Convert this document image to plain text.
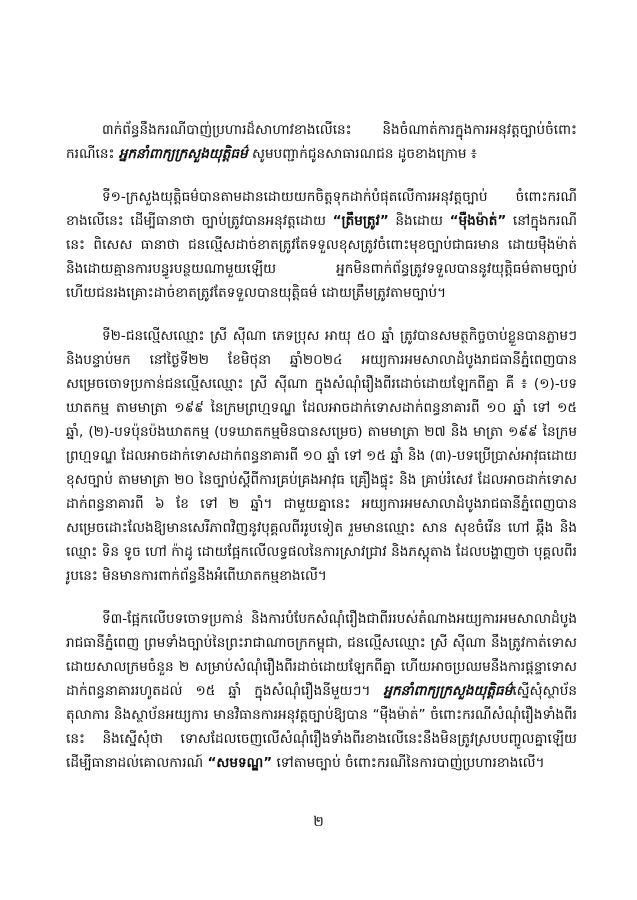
៣ក់ព័ន្ធនឹងករណីបាញ់ប្រហារដ៏សាហាវខាងលើនេះ និងចំណាត់ការក្នុងការអនុវត្តច្បាប់ចំពោះករណីនេះ អ្នកនាំពាក្យក្រសួងយុត្តិធម៌ សូមបញ្ជាក់ជូនសាធារណជន ដូចខាងក្រោម ៖

ទី១-ក្រសួងយុត្តិធម៌បានតាមដានដោយយកចិត្តទុកដាក់បំផុតលើការអនុវត្តច្បាប់ ចំពោះករណីខាងលើនេះ ដើម្បីធានាថា ច្បាប់ត្រូវបានអនុវត្តដោយ “ត្រឹមត្រូវ” និងដោយ “ម៉ឺងម៉ាត់” នៅក្នុងករណីនេះ ពិសេស ធានាថា ជនល្មើសដាច់ខាតត្រូវតែទទួលខុសត្រូវចំពោះមុខច្បាប់ជាធរមាន ដោយម៉ឺងម៉ាត់ និងដោយគ្មានការបន្ធូរបន្ថយណាមួយឡើយ អ្នកមិនពាក់ព័ន្ធត្រូវទទួលបាននូវយុត្តិធម៌តាមច្បាប់ ហើយជនរងគ្រោះដាច់ខាតត្រូវតែទទួលបានយុត្តិធម៌ ដោយត្រឹមត្រូវតាមច្បាប់។

ទី២-ជនល្មើសឈ្មោះ ស្រី ស៊ីណា ភេទប្រុស អាយុ ៥០ ឆ្នាំ ត្រូវបានសមត្ថកិច្ចចាប់ខ្លួនបានភ្លាមៗ និងបន្ទាប់មក នៅថ្ងៃទី២២ ខែមិថុនា ឆ្នាំ២០២៤ អយ្យការអមសាលាដំបូងរាជធានីភ្នំពេញបានសម្រេចចោទប្រកាន់ជនល្មើសឈ្មោះ ស្រី ស៊ីណា ក្នុងសំណុំរឿងពីរដោច់ដោយឡែកពីគ្នា គឺ ៖ (១)-បទឃាតកម្ម តាមមាត្រា ១៩៩ នៃក្រមព្រហ្មទណ្ឌ ដែលអាចដាក់ទោសដាក់ពន្ធនាគារពី ១០ ឆ្នាំ ទៅ ១៥ ឆ្នាំ, (២)-បទប៉ុនប៉ងឃាតកម្ម (បទឃាតកម្មមិនបានសម្រេច) តាមមាត្រា ២៧ និង មាត្រា ១៩៩ នៃក្រមព្រហ្មទណ្ឌ ដែលអាចដាក់ទោសដាក់ពន្ធនាគារពី ១០ ឆ្នាំ ទៅ ១៥ ឆ្នាំ និង (៣)-បទប្រើប្រាស់អាវុធដោយខុសច្បាប់ តាមមាត្រា ២០ នៃច្បាប់ស្តីពីការគ្រប់គ្រងអាវុធ គ្រឿងផ្ទុះ និង គ្រាប់រំសេវ ដែលអាចដាក់ទោសដាក់ពន្ធនាគារពី ៦ ខែ ទៅ ២ ឆ្នាំ។ ជាមួយគ្នានេះ អយ្យការអមសាលាដំបូងរាជធានីភ្នំពេញបានសម្រេចដោះលែងឱ្យមានសេរីភាពវិញនូវបុគ្គលពីររូបទៀត រួមមានឈ្មោះ សាន សុខចំរើន ហៅ ឆ្កឹង និងឈ្មោះ ទិន ទូច ហៅ ក៉ាដូ ដោយផ្អែកលើលទ្ធផលនៃការស្រាវជ្រាវ និងភស្តុតាង ដែលបង្ហាញថា បុគ្គលពីររូបនេះ មិនមានការពាក់ព័ន្ធនឹងអំពើឃាតកម្មខាងលើ។

ទី៣-ផ្អែកលើបទចោទប្រកាន់ និងការបំបែកសំណុំរឿងជាពីររបស់តំណាងអយ្យការអមសាលាដំបូងរាជធានីភ្នំពេញ ព្រមទាំងច្បាប់នៃព្រះរាជាណាចក្រកម្ពុជា, ជនល្មើសឈ្មោះ ស្រី ស៊ីណា នឹងត្រូវកាត់ទោសដោយសាលក្រមចំនួន ២ សម្រាប់សំណុំរឿងពីរដាច់ដោយឡែកពីគ្នា ហើយអាចប្រឈមនឹងការផ្តន្ទាទោសដាក់ពន្ធនាគាររហូតដល់ ១៥ ឆ្នាំ ក្នុងសំណុំរឿងនីមួយៗ។ អ្នកនាំពាក្យក្រសួងយុត្តិធម៌ស្នើសុំស្ថាប័នតុលាការ និងស្ថាប័នអយ្យការ មានវិធានការអនុវត្តច្បាប់ឱ្យបាន “ម៉ឺងម៉ាត់” ចំពោះករណីសំណុំរឿងទាំងពីរនេះ និងស្នើសុំថា ទោសដែលចេញលើសំណុំរឿងទាំងពីរខាងលើនេះនឹងមិនត្រូវស្របបញ្ចូលគ្នាឡើយ ដើម្បីធានាដល់គោលការណ៍ “សមទណ្ឌ” ទៅតាមច្បាប់ ចំពោះករណីនៃការបាញ់ប្រហារខាងលើ។

២
